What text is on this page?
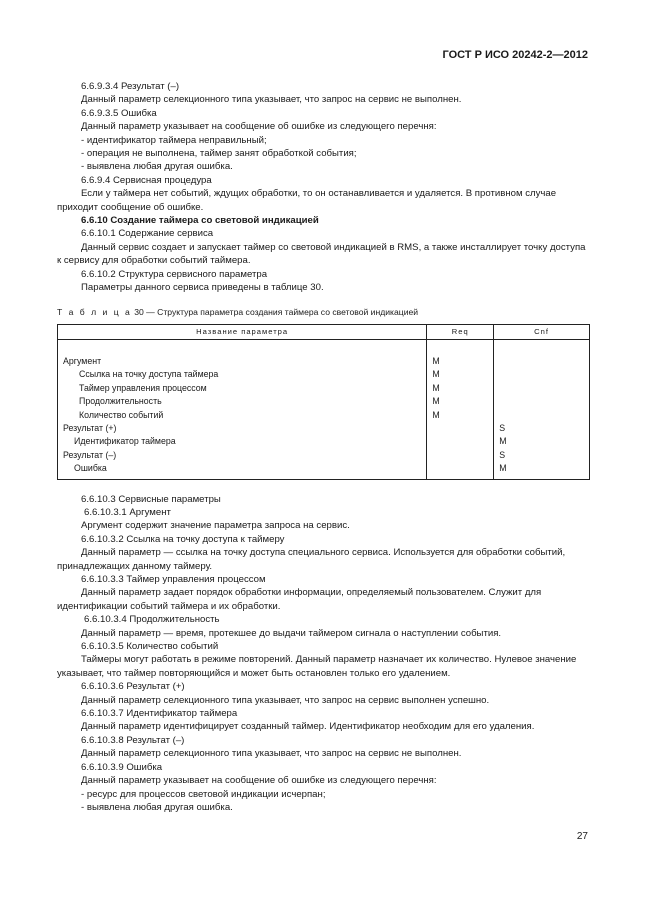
ГОСТ Р ИСО 20242-2—2012

6.6.9.3.4 Результат (–)

Данный параметр селекционного типа указывает, что запрос на сервис не выполнен.

6.6.9.3.5 Ошибка

Данный параметр указывает на сообщение об ошибке из следующего перечня:

- идентификатор таймера неправильный;

- операция не выполнена, таймер занят обработкой события;

- выявлена любая другая ошибка.

6.6.9.4 Сервисная процедура

Если у таймера нет событий, ждущих обработки, то он останавливается и удаляется. В противном случае приходит сообщение об ошибке.

6.6.10 Создание таймера со световой индикацией

6.6.10.1 Содержание сервиса

Данный сервис создает и запускает таймер со световой индикацией в RMS, а также инсталлирует точку доступа к сервису для обработки событий таймера.

6.6.10.2 Структура сервисного параметра

Параметры данного сервиса приведены в таблице 30.

Т а б л и ц а 30 — Структура параметра создания таймера со световой индикацией
Название параметра	Req	Cnf
Аргумент	M	
Ссылка на точку доступа таймера	M	
Таймер управления процессом	M	
Продолжительность	M	
Количество событий	M	
Результат (+)		S
Идентификатор таймера		M
Результат (–)		S
Ошибка		M

6.6.10.3 Сервисные параметры

6.6.10.3.1 Аргумент

Аргумент содержит значение параметра запроса на сервис.

6.6.10.3.2 Ссылка на точку доступа к таймеру

Данный параметр — ссылка на точку доступа специального сервиса. Используется для обработки событий, принадлежащих данному таймеру.

6.6.10.3.3 Таймер управления процессом

Данный параметр задает порядок обработки информации, определяемый пользователем. Служит для идентификации событий таймера и их обработки.

6.6.10.3.4 Продолжительность

Данный параметр — время, протекшее до выдачи таймером сигнала о наступлении события.

6.6.10.3.5 Количество событий

Таймеры могут работать в режиме повторений. Данный параметр назначает их количество. Нулевое значение указывает, что таймер повторяющийся и может быть остановлен только его удалением.

6.6.10.3.6 Результат (+)

Данный параметр селекционного типа указывает, что запрос на сервис выполнен успешно.

6.6.10.3.7 Идентификатор таймера

Данный параметр идентифицирует созданный таймер. Идентификатор необходим для его удаления.

6.6.10.3.8 Результат (–)

Данный параметр селекционного типа указывает, что запрос на сервис не выполнен.

6.6.10.3.9 Ошибка

Данный параметр указывает на сообщение об ошибке из следующего перечня:

- ресурс для процессов световой индикации исчерпан;

- выявлена любая другая ошибка.

27
